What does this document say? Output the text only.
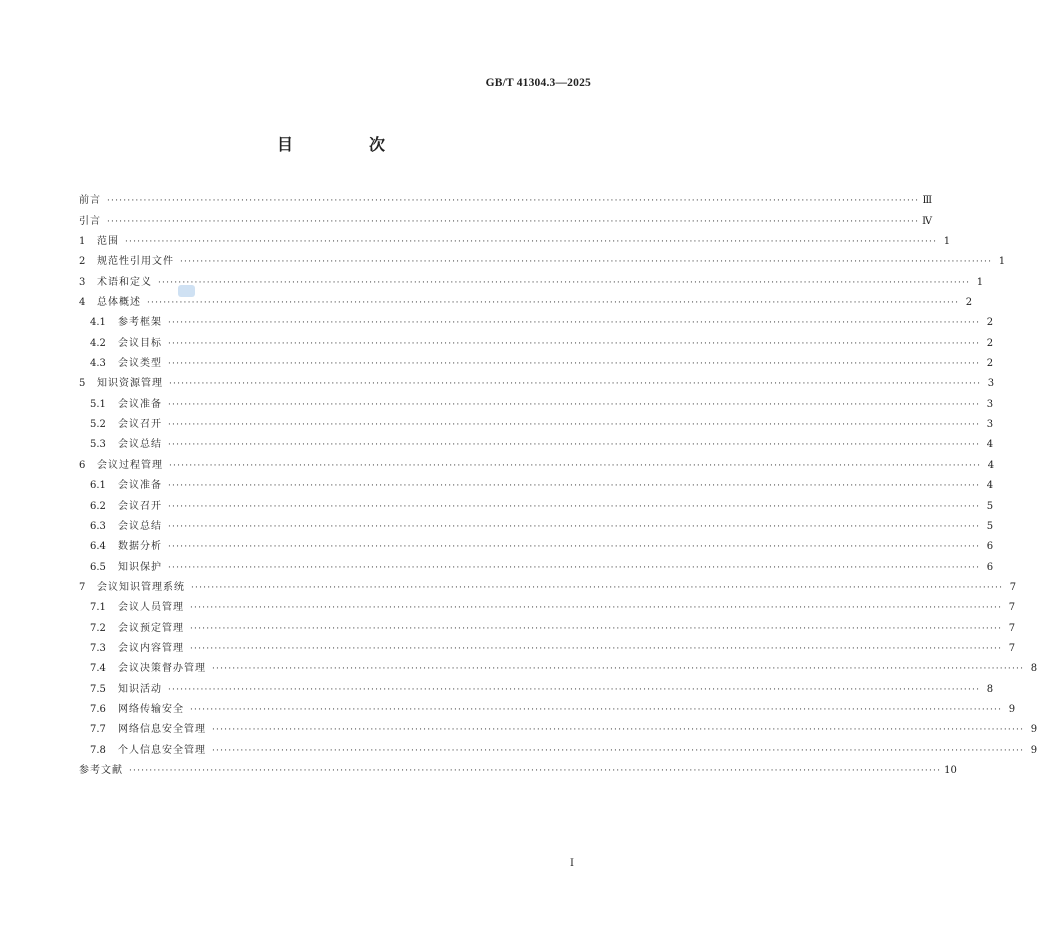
GB/T 41304.3—2025
目　次
前言 ········································································································································································································ Ⅲ
引言 ········································································································································································································ Ⅳ
1	范围 ········································································································································································································ 1
2	规范性引用文件 ········································································································································································································ 1
3	术语和定义 ········································································································································································································ 1
4	总体概述 ········································································································································································································ 2
4.1	参考框架 ········································································································································································································ 2
4.2	会议目标 ········································································································································································································ 2
4.3	会议类型 ········································································································································································································ 2
5	知识资源管理 ········································································································································································································ 3
5.1	会议准备 ········································································································································································································ 3
5.2	会议召开 ········································································································································································································ 3
5.3	会议总结 ········································································································································································································ 4
6	会议过程管理 ········································································································································································································ 4
6.1	会议准备 ········································································································································································································ 4
6.2	会议召开 ········································································································································································································ 5
6.3	会议总结 ········································································································································································································ 5
6.4	数据分析 ········································································································································································································ 6
6.5	知识保护 ········································································································································································································ 6
7	会议知识管理系统 ········································································································································································································ 7
7.1	会议人员管理 ········································································································································································································ 7
7.2	会议预定管理 ········································································································································································································ 7
7.3	会议内容管理 ········································································································································································································ 7
7.4	会议决策督办管理 ········································································································································································································ 8
7.5	知识活动 ········································································································································································································ 8
7.6	网络传输安全 ········································································································································································································ 9
7.7	网络信息安全管理 ········································································································································································································ 9
7.8	个人信息安全管理 ········································································································································································································ 9
参考文献 ········································································································································································································ 10
Ⅰ
